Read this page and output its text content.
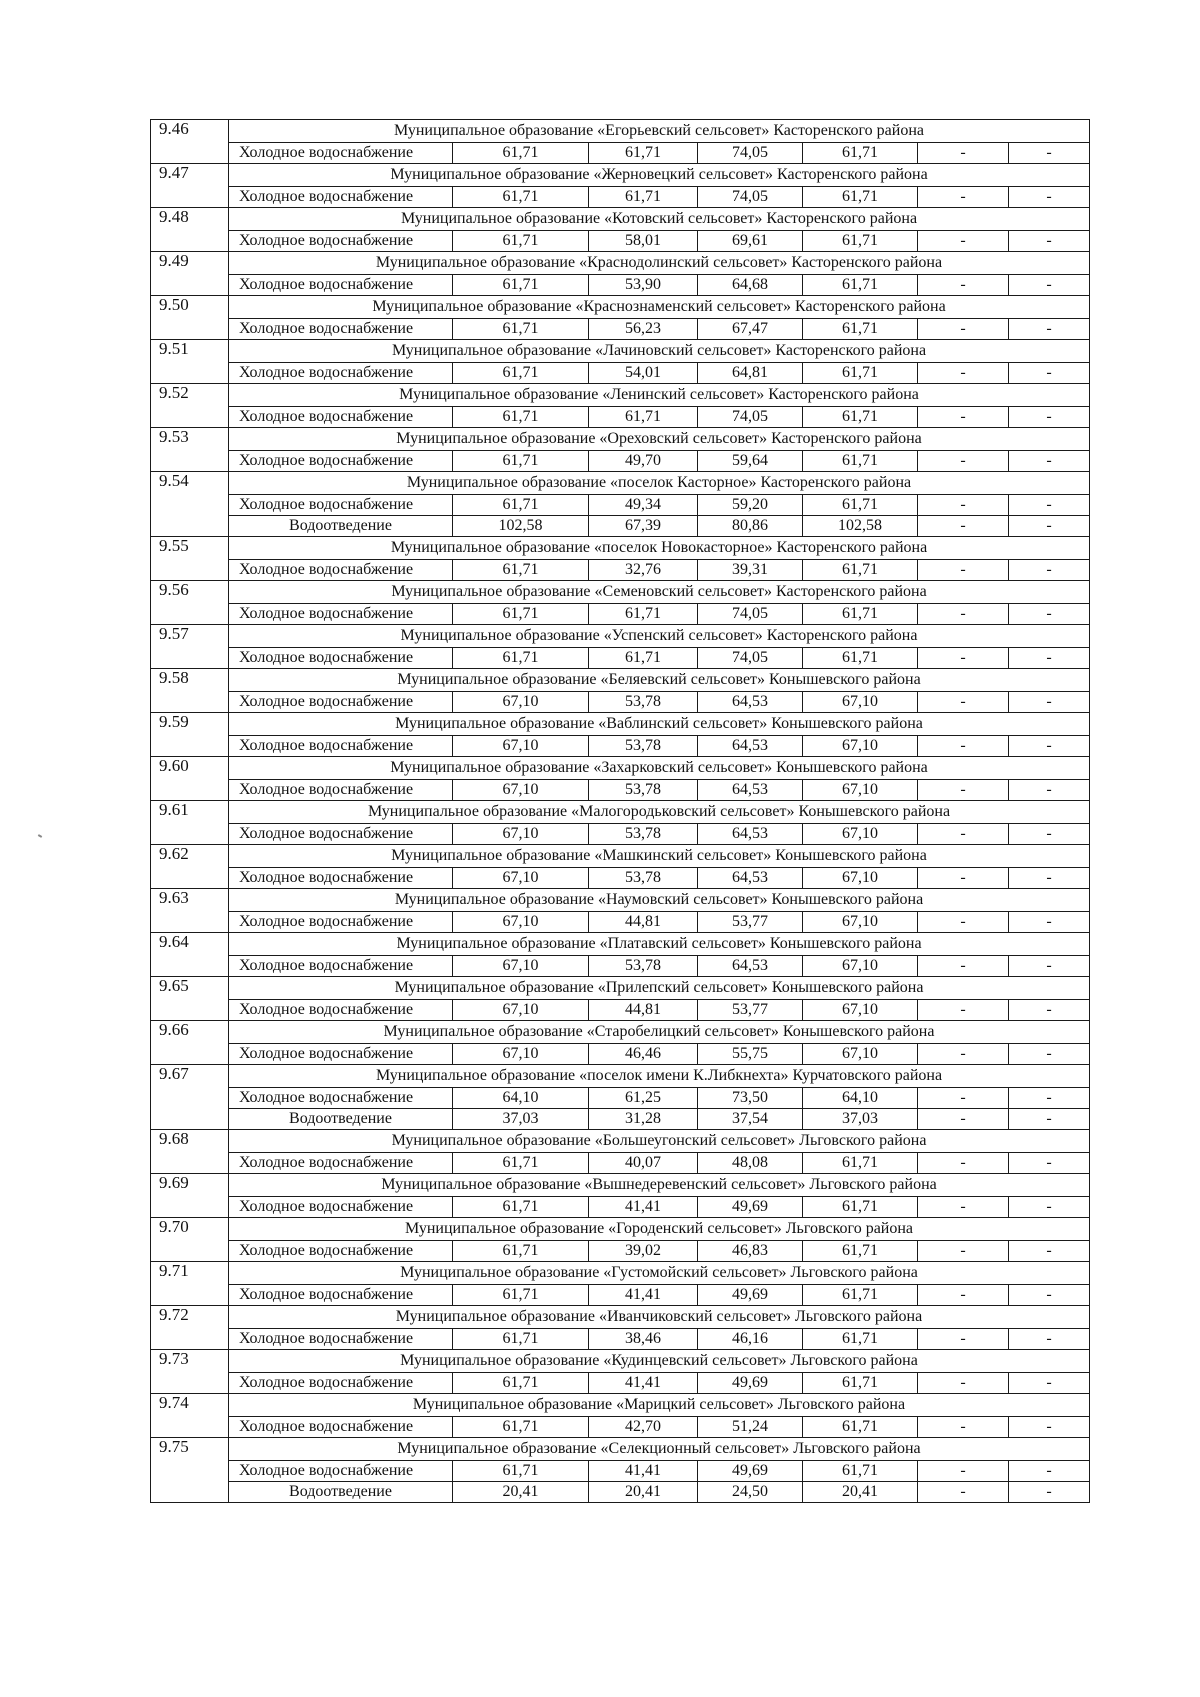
9.46	Муниципальное образование «Егорьевский сельсовет» Касторенского района						
	Холодное водоснабжение	61,71	61,71	74,05	61,71	-	-
9.47	Муниципальное образование «Жерновецкий сельсовет» Касторенского района						
	Холодное водоснабжение	61,71	61,71	74,05	61,71	-	-
9.48	Муниципальное образование «Котовский сельсовет» Касторенского района						
	Холодное водоснабжение	61,71	58,01	69,61	61,71	-	-
9.49	Муниципальное образование «Краснодолинский сельсовет» Касторенского района						
	Холодное водоснабжение	61,71	53,90	64,68	61,71	-	-
9.50	Муниципальное образование «Краснознаменский сельсовет» Касторенского района						
	Холодное водоснабжение	61,71	56,23	67,47	61,71	-	-
9.51	Муниципальное образование «Лачиновский сельсовет» Касторенского района						
	Холодное водоснабжение	61,71	54,01	64,81	61,71	-	-
9.52	Муниципальное образование «Ленинский сельсовет» Касторенского района						
	Холодное водоснабжение	61,71	61,71	74,05	61,71	-	-
9.53	Муниципальное образование «Ореховский сельсовет» Касторенского района						
	Холодное водоснабжение	61,71	49,70	59,64	61,71	-	-
9.54	Муниципальное образование «поселок Касторное» Касторенского района						
	Холодное водоснабжение	61,71	49,34	59,20	61,71	-	-
	Водоотведение	102,58	67,39	80,86	102,58	-	-
9.55	Муниципальное образование «поселок Новокасторное» Касторенского района						
	Холодное водоснабжение	61,71	32,76	39,31	61,71	-	-
9.56	Муниципальное образование «Семеновский сельсовет» Касторенского района						
	Холодное водоснабжение	61,71	61,71	74,05	61,71	-	-
9.57	Муниципальное образование «Успенский сельсовет» Касторенского района						
	Холодное водоснабжение	61,71	61,71	74,05	61,71	-	-
9.58	Муниципальное образование «Беляевский сельсовет» Конышевского района						
	Холодное водоснабжение	67,10	53,78	64,53	67,10	-	-
9.59	Муниципальное образование «Ваблинский сельсовет» Конышевского района						
	Холодное водоснабжение	67,10	53,78	64,53	67,10	-	-
9.60	Муниципальное образование «Захарковский сельсовет» Конышевского района						
	Холодное водоснабжение	67,10	53,78	64,53	67,10	-	-
9.61	Муниципальное образование «Малогородьковский сельсовет» Конышевского района						
	Холодное водоснабжение	67,10	53,78	64,53	67,10	-	-
9.62	Муниципальное образование «Машкинский сельсовет» Конышевского района						
	Холодное водоснабжение	67,10	53,78	64,53	67,10	-	-
9.63	Муниципальное образование «Наумовский сельсовет» Конышевского района						
	Холодное водоснабжение	67,10	44,81	53,77	67,10	-	-
9.64	Муниципальное образование «Платавский сельсовет» Конышевского района						
	Холодное водоснабжение	67,10	53,78	64,53	67,10	-	-
9.65	Муниципальное образование «Прилепский сельсовет» Конышевского района						
	Холодное водоснабжение	67,10	44,81	53,77	67,10	-	-
9.66	Муниципальное образование «Старобелицкий сельсовет» Конышевского района						
	Холодное водоснабжение	67,10	46,46	55,75	67,10	-	-
9.67	Муниципальное образование «поселок имени К.Либкнехта» Курчатовского района						
	Холодное водоснабжение	64,10	61,25	73,50	64,10	-	-
	Водоотведение	37,03	31,28	37,54	37,03	-	-
9.68	Муниципальное образование «Большеугонский сельсовет» Льговского района						
	Холодное водоснабжение	61,71	40,07	48,08	61,71	-	-
9.69	Муниципальное образование «Вышнедеревенский сельсовет» Льговского района						
	Холодное водоснабжение	61,71	41,41	49,69	61,71	-	-
9.70	Муниципальное образование «Городенский сельсовет» Льговского района						
	Холодное водоснабжение	61,71	39,02	46,83	61,71	-	-
9.71	Муниципальное образование «Густомойский сельсовет» Льговского района						
	Холодное водоснабжение	61,71	41,41	49,69	61,71	-	-
9.72	Муниципальное образование «Иванчиковский сельсовет» Льговского района						
	Холодное водоснабжение	61,71	38,46	46,16	61,71	-	-
9.73	Муниципальное образование «Кудинцевский сельсовет» Льговского района						
	Холодное водоснабжение	61,71	41,41	49,69	61,71	-	-
9.74	Муниципальное образование «Марицкий сельсовет» Льговского района						
	Холодное водоснабжение	61,71	42,70	51,24	61,71	-	-
9.75	Муниципальное образование «Селекционный сельсовет» Льговского района						
	Холодное водоснабжение	61,71	41,41	49,69	61,71	-	-
	Водоотведение	20,41	20,41	24,50	20,41	-	-
